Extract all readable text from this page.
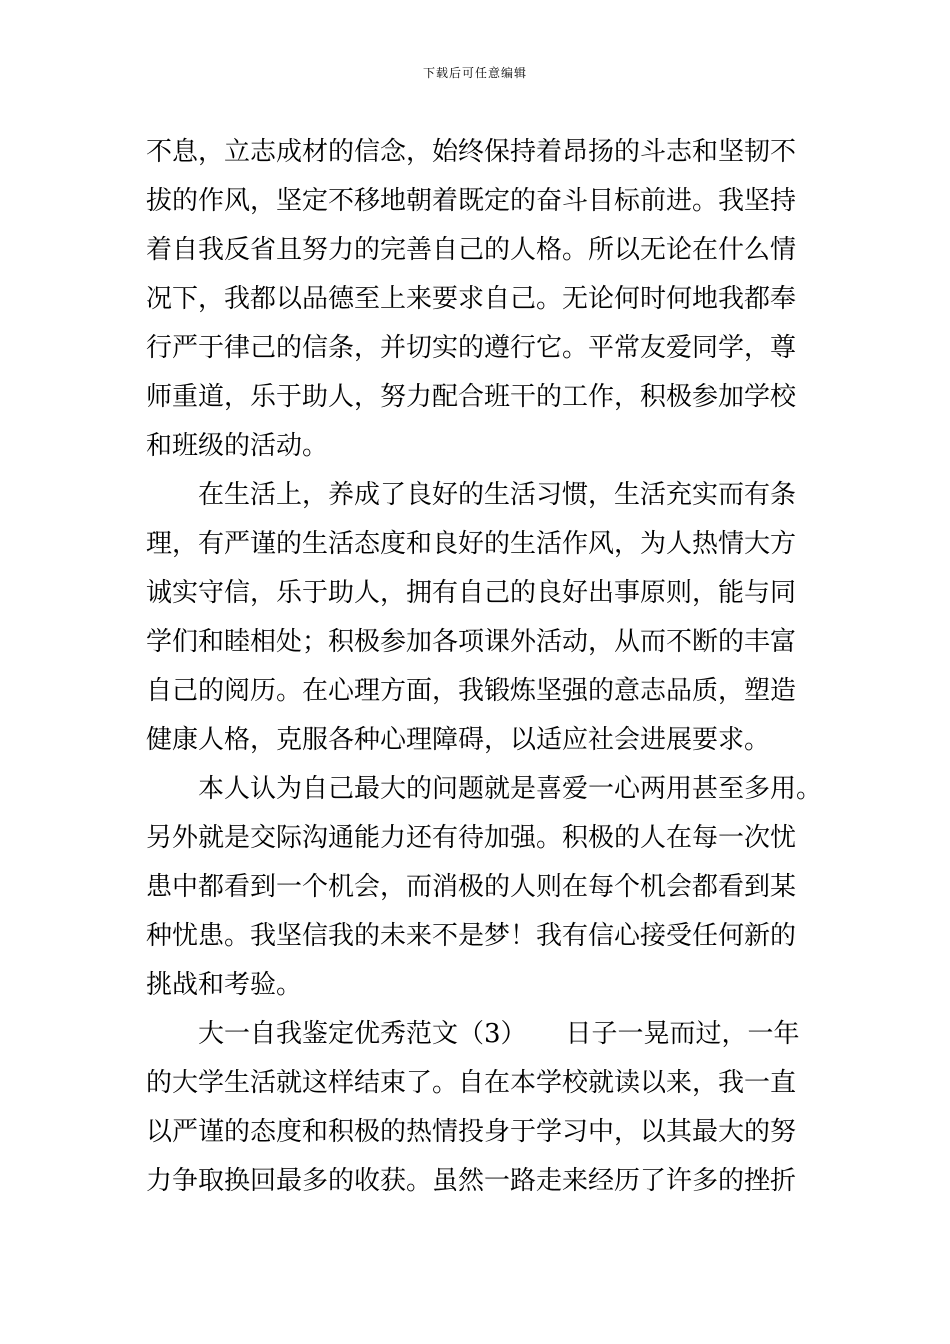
下载后可任意编辑
不息，立志成材的信念，始终保持着昂扬的斗志和坚韧不
拔的作风，坚定不移地朝着既定的奋斗目标前进。我坚持
着自我反省且努力的完善自己的人格。所以无论在什么情
况下，我都以品德至上来要求自己。无论何时何地我都奉
行严于律己的信条，并切实的遵行它。平常友爱同学，尊
师重道，乐于助人，努力配合班干的工作，积极参加学校
和班级的活动。
在生活上，养成了良好的生活习惯，生活充实而有条
理，有严谨的生活态度和良好的生活作风，为人热情大方
诚实守信，乐于助人，拥有自己的良好出事原则，能与同
学们和睦相处；积极参加各项课外活动，从而不断的丰富
自己的阅历。在心理方面，我锻炼坚强的意志品质，塑造
健康人格，克服各种心理障碍，以适应社会进展要求。
本人认为自己最大的问题就是喜爱一心两用甚至多用。
另外就是交际沟通能力还有待加强。积极的人在每一次忧
患中都看到一个机会，而消极的人则在每个机会都看到某
种忧患。我坚信我的未来不是梦！我有信心接受任何新的
挑战和考验。
大一自我鉴定优秀范文（3）　　日子一晃而过，一年
的大学生活就这样结束了。自在本学校就读以来，我一直
以严谨的态度和积极的热情投身于学习中，以其最大的努
力争取换回最多的收获。虽然一路走来经历了许多的挫折
